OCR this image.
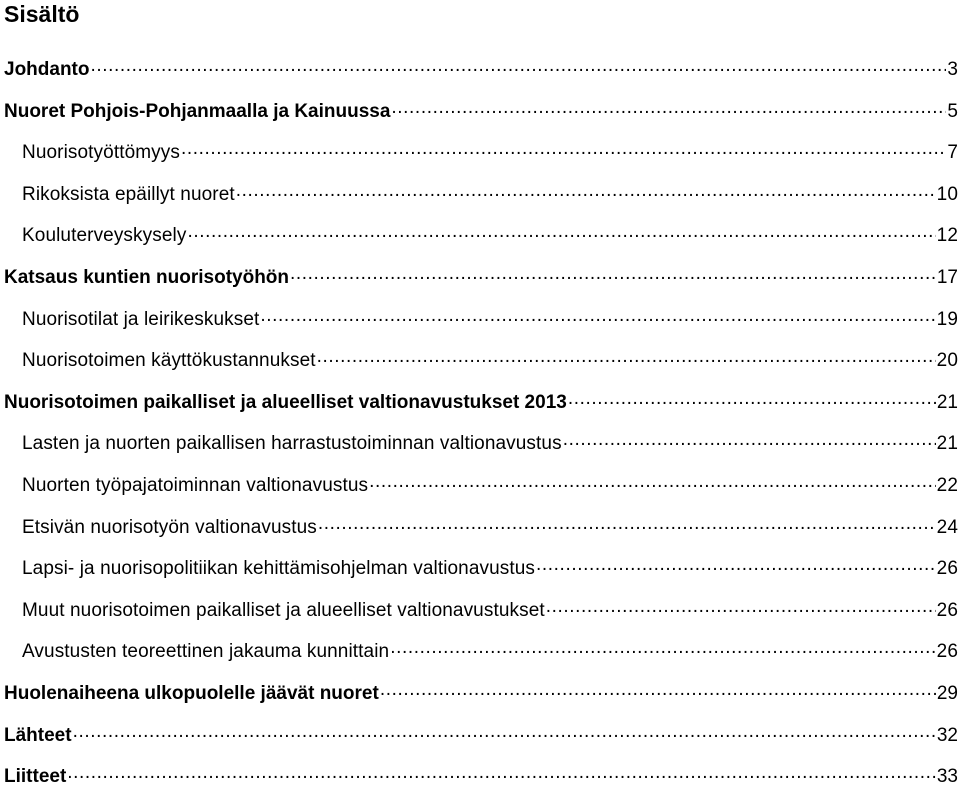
Sisältö
Johdanto .....	3
Nuoret Pohjois-Pohjanmaalla ja Kainuussa .....	5
Nuorisotyöttömyys .....	7
Rikoksista epäillyt nuoret .....	10
Kouluterveyskysely .....	12
Katsaus kuntien nuorisotyöhön .....	17
Nuorisotilat ja leirikeskukset .....	19
Nuorisotoimen käyttökustannukset .....	20
Nuorisotoimen paikalliset ja alueelliset valtionavustukset 2013 .....	21
Lasten ja nuorten paikallisen harrastustoiminnan valtionavustus .....	21
Nuorten työpajatoiminnan valtionavustus .....	22
Etsivän nuorisotyön valtionavustus .....	24
Lapsi- ja nuorisopolitiikan kehittämisohjelman valtionavustus .....	26
Muut nuorisotoimen paikalliset ja alueelliset valtionavustukset .....	26
Avustusten teoreettinen jakauma kunnittain .....	26
Huolenaiheena ulkopuolelle jäävät nuoret .....	29
Lähteet .....	32
Liitteet .....	33
